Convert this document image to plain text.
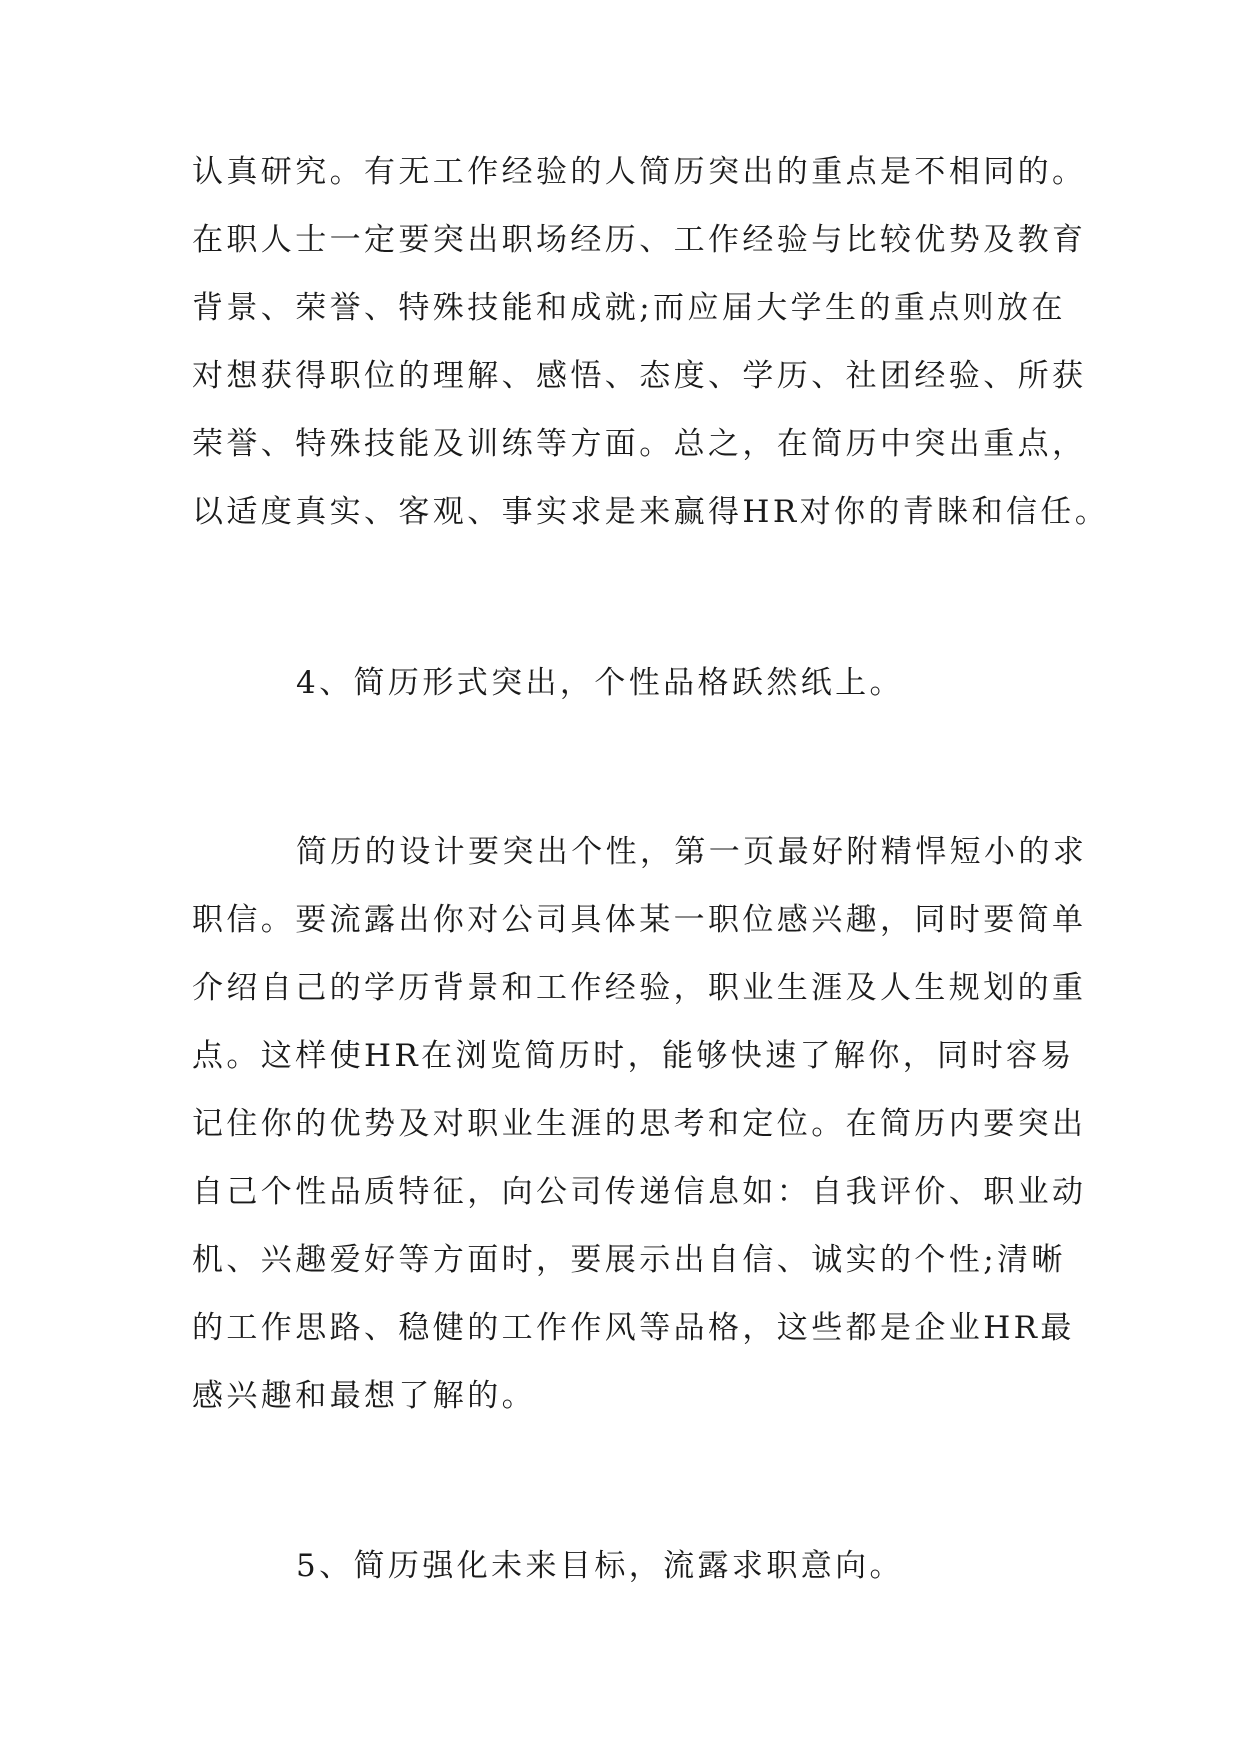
认真研究。有无工作经验的人简历突出的重点是不相同的。
在职人士一定要突出职场经历、工作经验与比较优势及教育
背景、荣誉、特殊技能和成就;而应届大学生的重点则放在
对想获得职位的理解、感悟、态度、学历、社团经验、所获
荣誉、特殊技能及训练等方面。总之，在简历中突出重点，
以适度真实、客观、事实求是来赢得HR对你的青睐和信任。
4、简历形式突出，个性品格跃然纸上。
简历的设计要突出个性，第一页最好附精悍短小的求
职信。要流露出你对公司具体某一职位感兴趣，同时要简单
介绍自己的学历背景和工作经验，职业生涯及人生规划的重
点。这样使HR在浏览简历时，能够快速了解你，同时容易
记住你的优势及对职业生涯的思考和定位。在简历内要突出
自己个性品质特征，向公司传递信息如：自我评价、职业动
机、兴趣爱好等方面时，要展示出自信、诚实的个性;清晰
的工作思路、稳健的工作作风等品格，这些都是企业HR最
感兴趣和最想了解的。
5、简历强化未来目标，流露求职意向。
